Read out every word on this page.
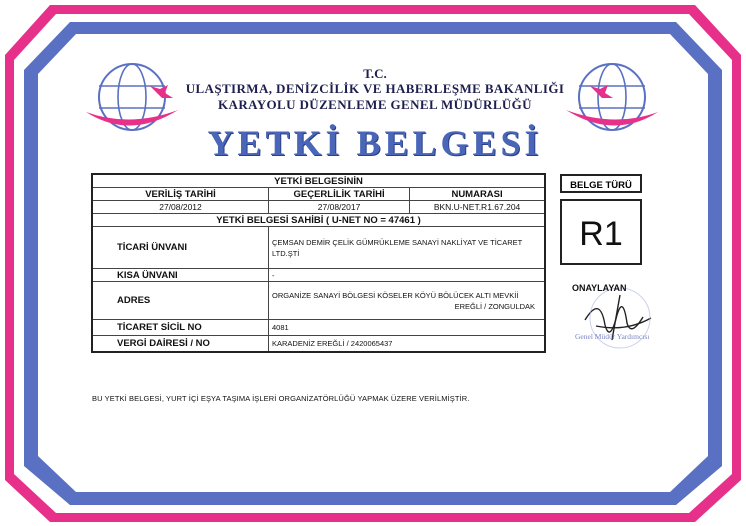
T.C.
ULAŞTIRMA, DENİZCİLİK VE HABERLEŞME BAKANLIĞI
KARAYOLU DÜZENLEME GENEL MÜDÜRLÜĞÜ
YETKİ BELGESİ
YETKİ BELGESİNİN		
VERİLİŞ TARİHİ	GEÇERLİLİK TARİHİ	NUMARASI
27/08/2012	27/08/2017	BKN.U-NET.R1.67.204
YETKİ BELGESİ SAHİBİ ( U-NET NO = 47461 )		
TİCARİ ÜNVANI	ÇEMSAN DEMİR ÇELİK GÜMRÜKLEME SANAYİ NAKLİYAT VE TİCARET LTD.ŞTİ	
KISA ÜNVANI	-	
ADRES	ORGANİZE SANAYİ BÖLGESİ KÖSELER KÖYÜ BÖLÜCEK ALTI MEVKİİ
EREĞLİ / ZONGULDAK	

TİCARET SİCİL NO	4081	
VERGİ DAİRESİ / NO	KARADENİZ EREĞLİ / 2420065437	
BELGE TÜRÜ
R1
ONAYLAYAN
Genel Müdür Yardımcısı
BU YETKİ BELGESİ, YURT İÇİ EŞYA TAŞIMA İŞLERİ ORGANİZATÖRLÜĞÜ YAPMAK ÜZERE VERİLMİŞTİR.
